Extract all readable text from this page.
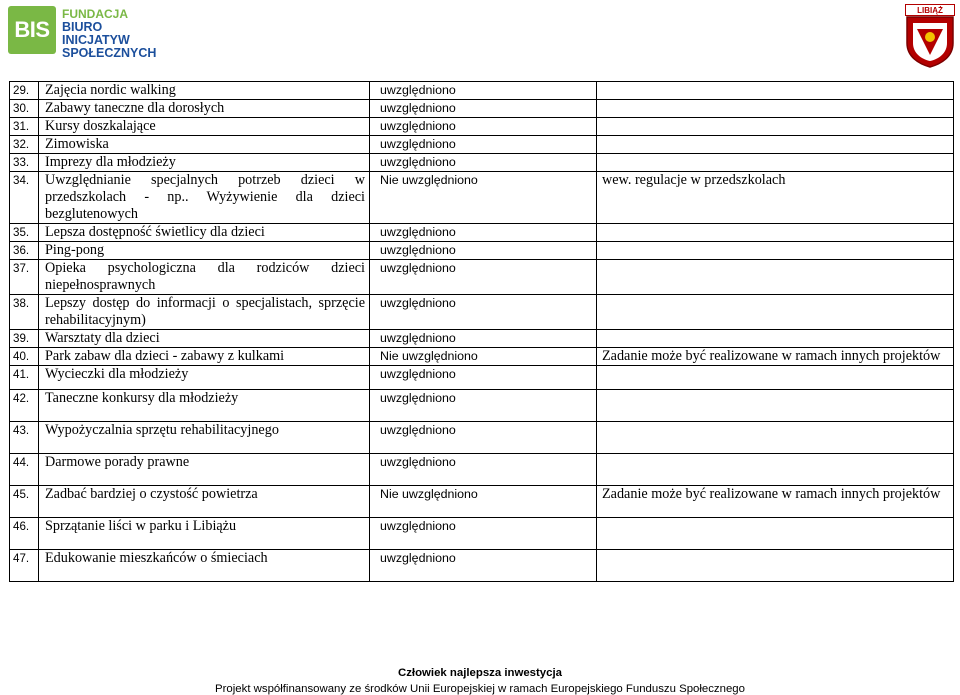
BIS
FUNDACJA
BIURO INICJATYW
SPOŁECZNYCH
LIBIĄŻ
29.	Zajęcia nordic walking	uwzględniono	
30.	Zabawy taneczne dla dorosłych	uwzględniono	
31.	Kursy doszkalające	uwzględniono	
32.	Zimowiska	uwzględniono	
33.	Imprezy dla młodzieży	uwzględniono	
34.	Uwzględnianie specjalnych potrzeb dzieci w przedszkolach - np.. Wyżywienie dla dzieci bezglutenowych	Nie uwzględniono	wew. regulacje w przedszkolach
35.	Lepsza dostępność świetlicy dla dzieci	uwzględniono	
36.	Ping-pong	uwzględniono	
37.	Opieka psychologiczna dla rodziców dzieci niepełnosprawnych	uwzględniono	
38.	Lepszy dostęp do informacji o specjalistach, sprzęcie rehabilitacyjnym)	uwzględniono	
39.	Warsztaty dla dzieci	uwzględniono	
40.	Park zabaw dla dzieci - zabawy z kulkami	Nie uwzględniono	Zadanie może być realizowane w ramach innych projektów
41.	Wycieczki dla młodzieży	uwzględniono	
42.	Taneczne konkursy dla młodzieży	uwzględniono	
43.	Wypożyczalnia sprzętu rehabilitacyjnego	uwzględniono	
44.	Darmowe porady prawne	uwzględniono	
45.	Zadbać bardziej o czystość powietrza	Nie uwzględniono	Zadanie może być realizowane w ramach innych projektów
46.	Sprzątanie liści w parku i Libiążu	uwzględniono	
47.	Edukowanie mieszkańców o śmieciach	uwzględniono	
Człowiek najlepsza inwestycja
Projekt współfinansowany ze środków Unii Europejskiej w ramach Europejskiego Funduszu Społecznego
